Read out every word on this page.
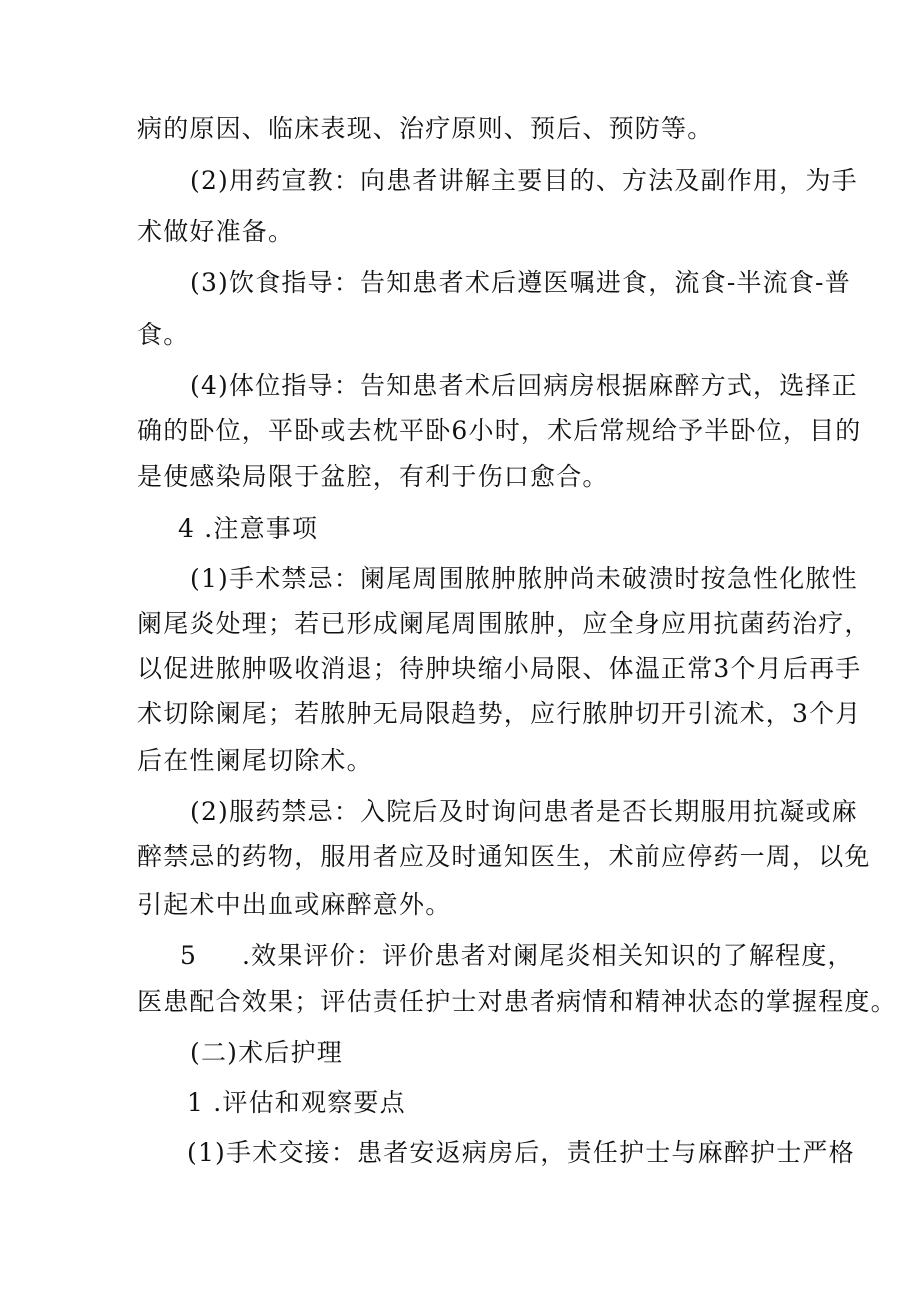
病的原因、临床表现、治疗原则、预后、预防等。
(2)用药宣教：向患者讲解主要目的、方法及副作用，为手
术做好准备。
(3)饮食指导：告知患者术后遵医嘱进食，流食-半流食-普
食。
(4)体位指导：告知患者术后回病房根据麻醉方式，选择正
确的卧位，平卧或去枕平卧6小时，术后常规给予半卧位，目的
是使感染局限于盆腔，有利于伤口愈合。
4 .注意事项
(1)手术禁忌：阑尾周围脓肿脓肿尚未破溃时按急性化脓性
阑尾炎处理；若已形成阑尾周围脓肿，应全身应用抗菌药治疗，
以促进脓肿吸收消退；待肿块缩小局限、体温正常3个月后再手
术切除阑尾；若脓肿无局限趋势，应行脓肿切开引流术，3个月
后在性阑尾切除术。
(2)服药禁忌：入院后及时询问患者是否长期服用抗凝或麻
醉禁忌的药物，服用者应及时通知医生，术前应停药一周，以免
引起术中出血或麻醉意外。
5 .效果评价：评价患者对阑尾炎相关知识的了解程度，
医患配合效果；评估责任护士对患者病情和精神状态的掌握程度。
(二)术后护理
1 .评估和观察要点
(1)手术交接：患者安返病房后，责任护士与麻醉护士严格
